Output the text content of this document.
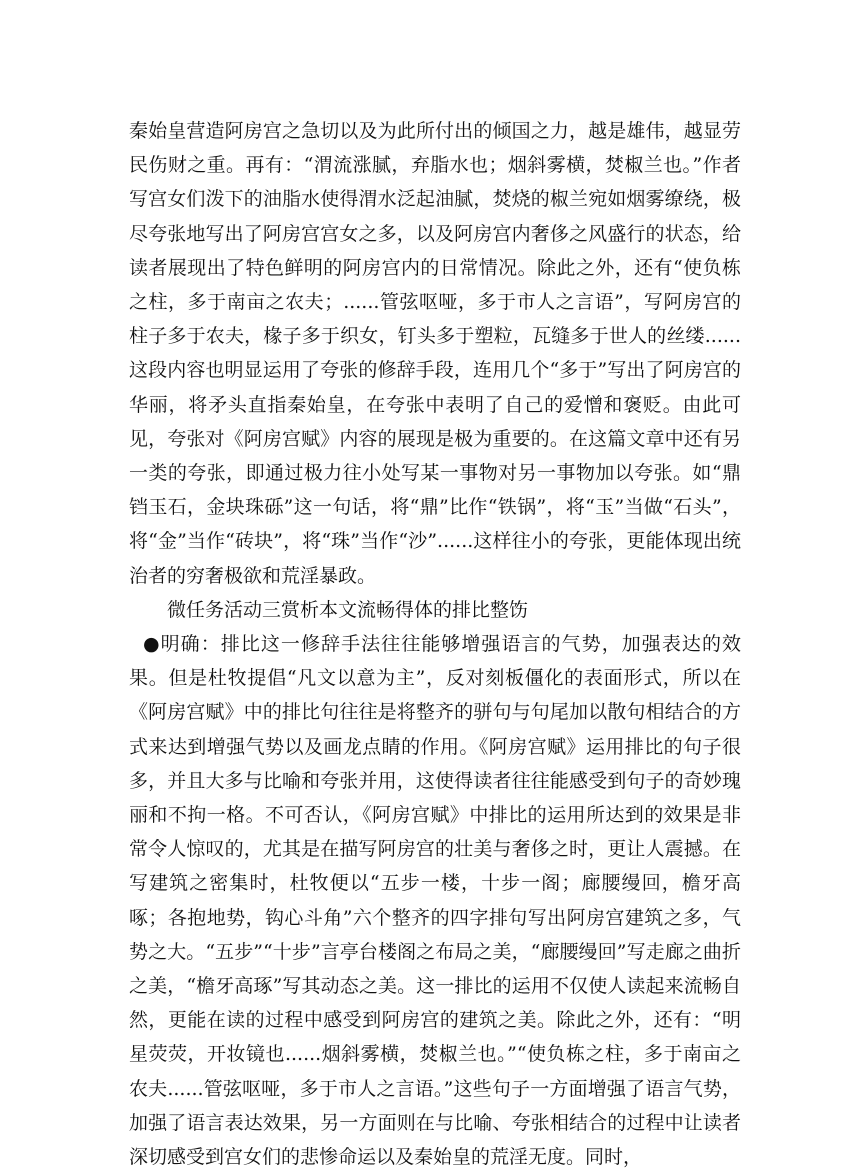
秦始皇营造阿房宫之急切以及为此所付出的倾国之力，越是雄伟，越显劳民伤财之重。再有：“渭流涨腻，弃脂水也；烟斜雾横，焚椒兰也。”作者写宫女们泼下的油脂水使得渭水泛起油腻，焚烧的椒兰宛如烟雾缭绕，极尽夸张地写出了阿房宫宫女之多，以及阿房宫内奢侈之风盛行的状态，给读者展现出了特色鲜明的阿房宫内的日常情况。除此之外，还有“使负栋之柱，多于南亩之农夫；......管弦呕哑，多于市人之言语”，写阿房宫的柱子多于农夫，椽子多于织女，钉头多于塑粒，瓦缝多于世人的丝缕......这段内容也明显运用了夸张的修辞手段，连用几个“多于”写出了阿房宫的华丽，将矛头直指秦始皇，在夸张中表明了自己的爱憎和褒贬。由此可见，夸张对《阿房宫赋》内容的展现是极为重要的。在这篇文章中还有另一类的夸张，即通过极力往小处写某一事物对另一事物加以夸张。如“鼎铛玉石，金块珠砾”这一句话，将“鼎”比作“铁锅”，将“玉”当做“石头”，将“金”当作“砖块”，将“珠”当作“沙”......这样往小的夸张，更能体现出统治者的穷奢极欲和荒淫暴政。

微任务活动三赏析本文流畅得体的排比整饬

●明确：排比这一修辞手法往往能够增强语言的气势，加强表达的效果。但是杜牧提倡“凡文以意为主”，反对刻板僵化的表面形式，所以在《阿房宫赋》中的排比句往往是将整齐的骈句与句尾加以散句相结合的方式来达到增强气势以及画龙点睛的作用。《阿房宫赋》运用排比的句子很多，并且大多与比喻和夸张并用，这使得读者往往能感受到句子的奇妙瑰丽和不拘一格。不可否认，《阿房宫赋》中排比的运用所达到的效果是非常令人惊叹的，尤其是在描写阿房宫的壮美与奢侈之时，更让人震撼。在写建筑之密集时，杜牧便以“五步一楼，十步一阁；廊腰缦回，檐牙高啄；各抱地势，钩心斗角”六个整齐的四字排句写出阿房宫建筑之多，气势之大。“五步”“十步”言亭台楼阁之布局之美，“廊腰缦回”写走廊之曲折之美，“檐牙高琢”写其动态之美。这一排比的运用不仅使人读起来流畅自然，更能在读的过程中感受到阿房宫的建筑之美。除此之外，还有：“明星荧荧，开妆镜也......烟斜雾横，焚椒兰也。”“使负栋之柱，多于南亩之农夫......管弦呕哑，多于市人之言语。”这些句子一方面增强了语言气势，加强了语言表达效果，另一方面则在与比喻、夸张相结合的过程中让读者深切感受到宫女们的悲惨命运以及秦始皇的荒淫无度。同时，
